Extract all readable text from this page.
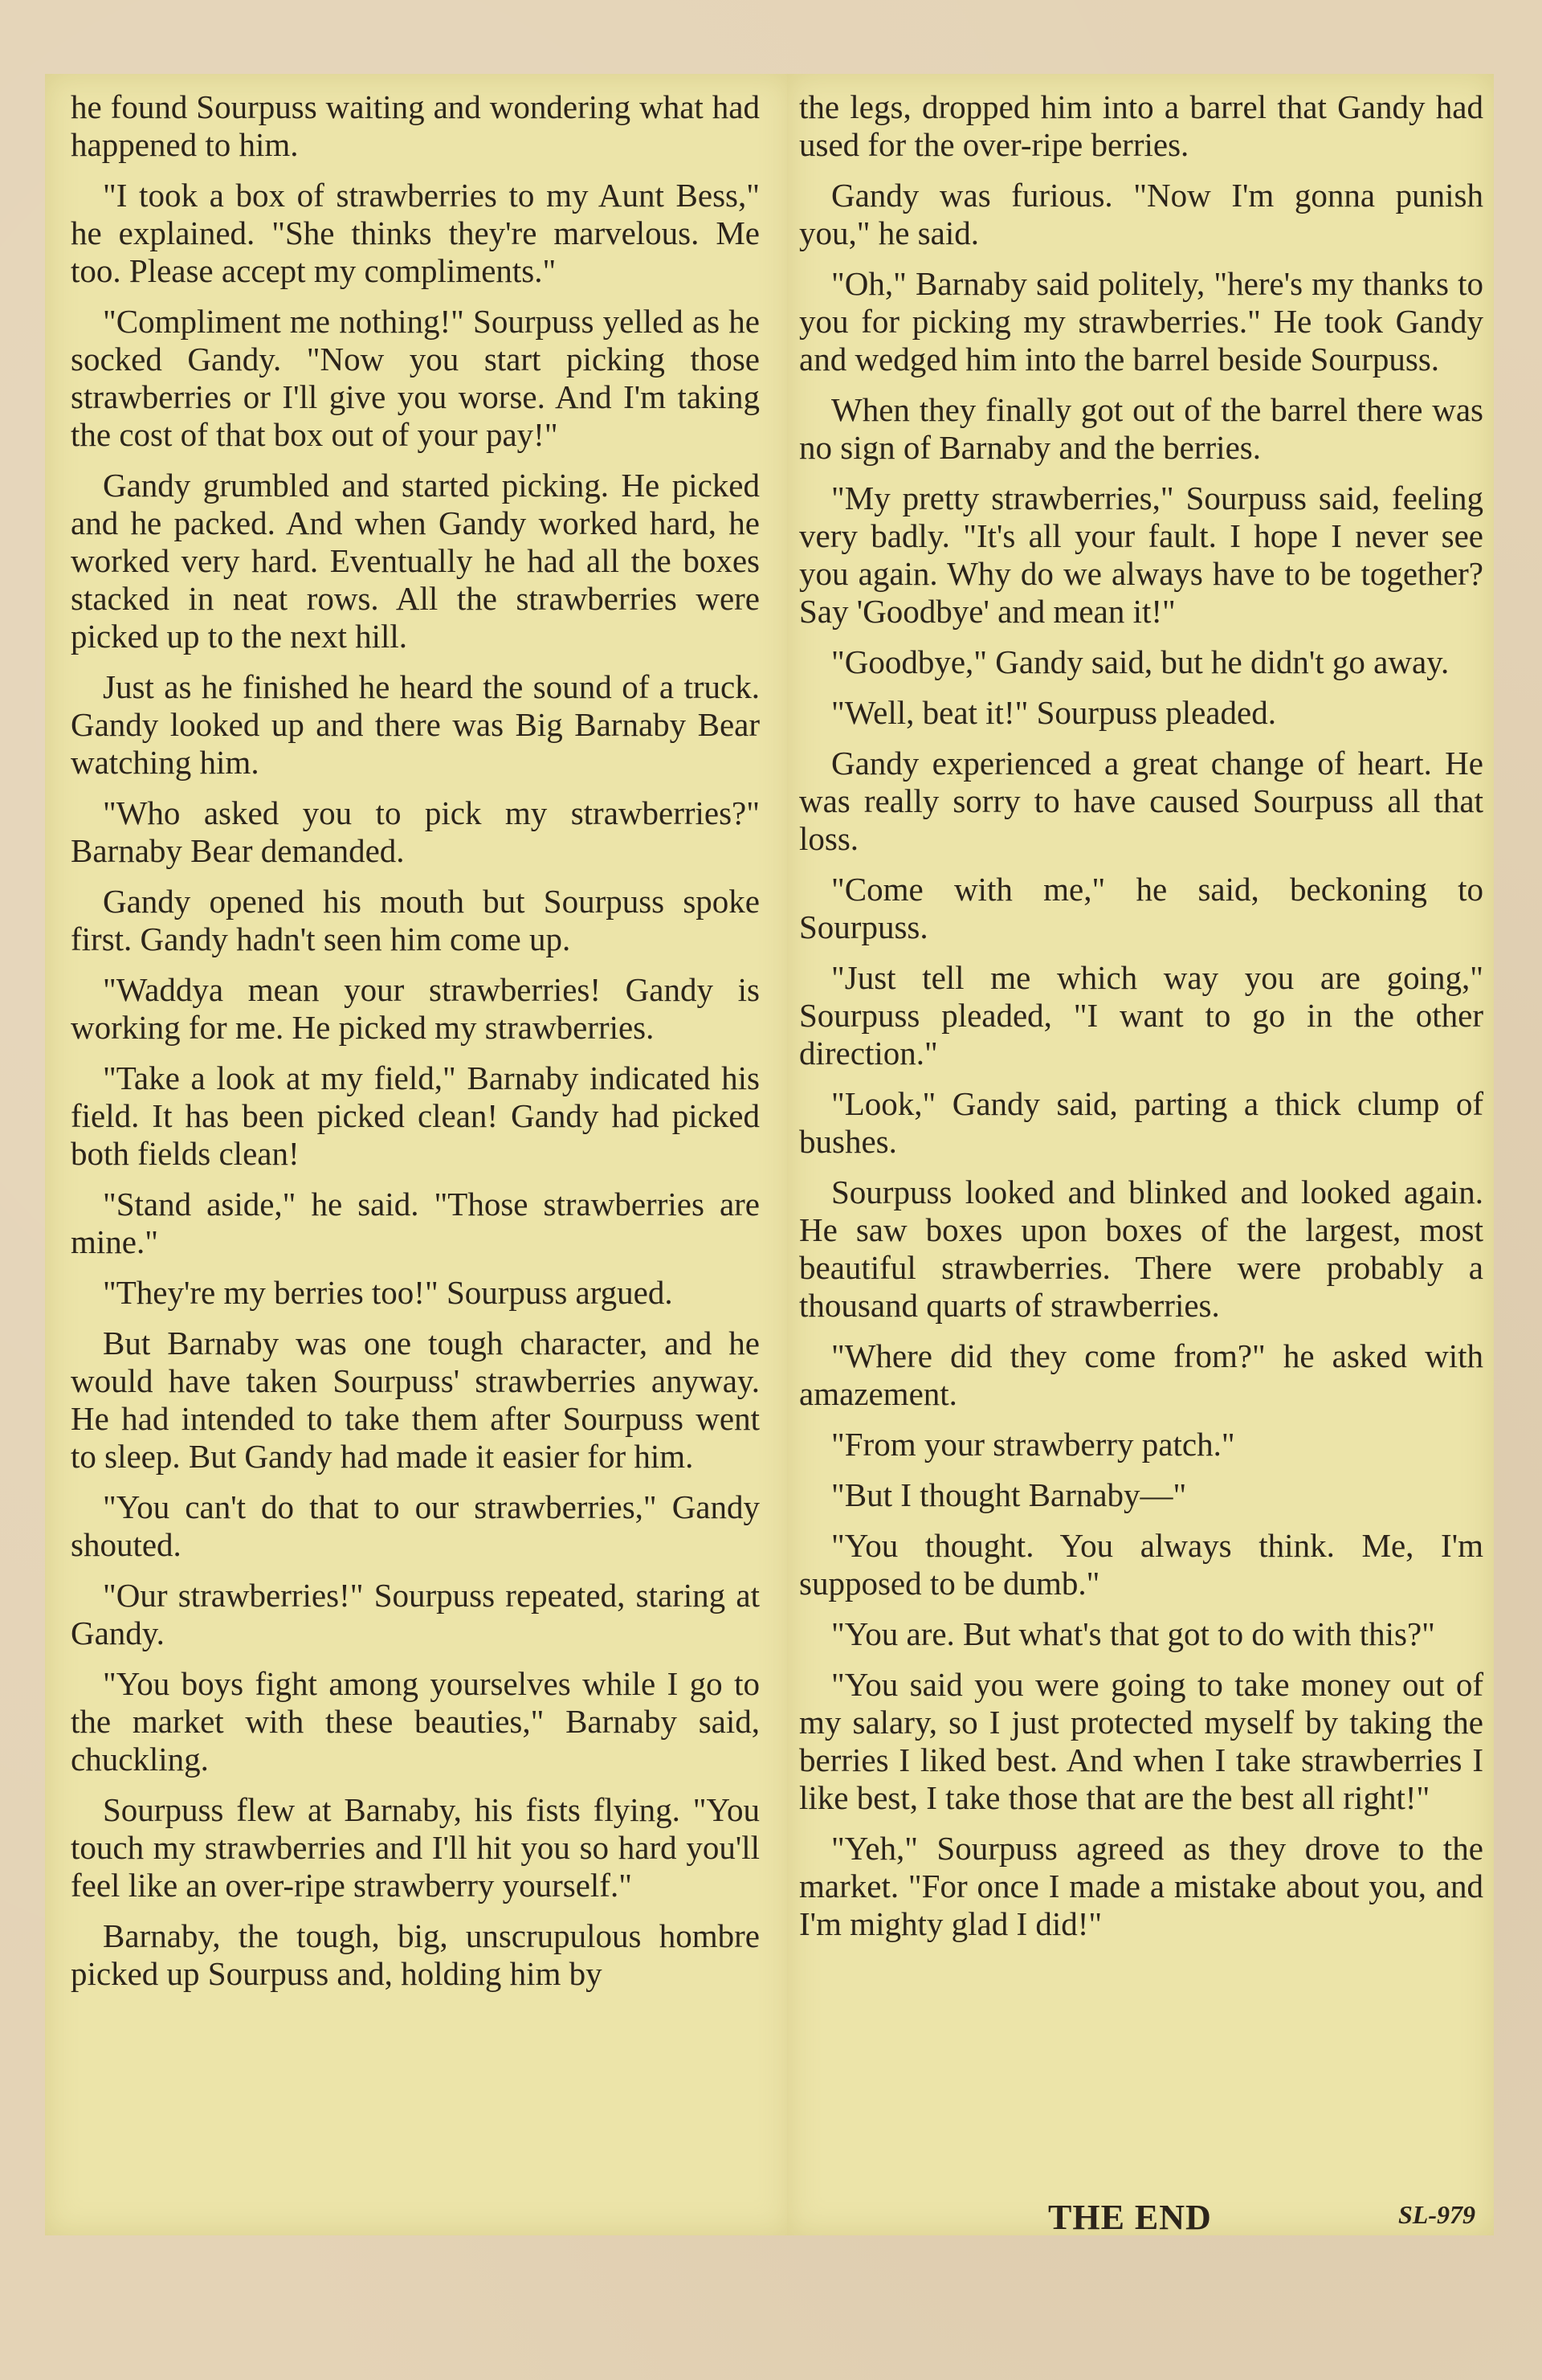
he found Sourpuss waiting and wondering what had happened to him.

"I took a box of strawberries to my Aunt Bess," he explained. "She thinks they're marvelous. Me too. Please accept my compliments."

"Compliment me nothing!" Sourpuss yelled as he socked Gandy. "Now you start picking those strawberries or I'll give you worse. And I'm taking the cost of that box out of your pay!"

Gandy grumbled and started picking. He picked and he packed. And when Gandy worked hard, he worked very hard. Eventually he had all the boxes stacked in neat rows. All the strawberries were picked up to the next hill.

Just as he finished he heard the sound of a truck. Gandy looked up and there was Big Barnaby Bear watching him.

"Who asked you to pick my strawberries?" Barnaby Bear demanded.

Gandy opened his mouth but Sourpuss spoke first. Gandy hadn't seen him come up.

"Waddya mean your strawberries! Gandy is working for me. He picked my strawberries.

"Take a look at my field," Barnaby indicated his field. It has been picked clean! Gandy had picked both fields clean!

"Stand aside," he said. "Those strawberries are mine."

"They're my berries too!" Sourpuss argued.

But Barnaby was one tough character, and he would have taken Sourpuss' strawberries anyway. He had intended to take them after Sourpuss went to sleep. But Gandy had made it easier for him.

"You can't do that to our strawberries," Gandy shouted.

"Our strawberries!" Sourpuss repeated, staring at Gandy.

"You boys fight among yourselves while I go to the market with these beauties," Barnaby said, chuckling.

Sourpuss flew at Barnaby, his fists flying. "You touch my strawberries and I'll hit you so hard you'll feel like an over-ripe strawberry yourself."

Barnaby, the tough, big, unscrupulous hombre picked up Sourpuss and, holding him by

the legs, dropped him into a barrel that Gandy had used for the over-ripe berries.

Gandy was furious. "Now I'm gonna punish you," he said.

"Oh," Barnaby said politely, "here's my thanks to you for picking my strawberries." He took Gandy and wedged him into the barrel beside Sourpuss.

When they finally got out of the barrel there was no sign of Barnaby and the berries.

"My pretty strawberries," Sourpuss said, feeling very badly. "It's all your fault. I hope I never see you again. Why do we always have to be together? Say 'Goodbye' and mean it!"

"Goodbye," Gandy said, but he didn't go away.

"Well, beat it!" Sourpuss pleaded.

Gandy experienced a great change of heart. He was really sorry to have caused Sourpuss all that loss.

"Come with me," he said, beckoning to Sourpuss.

"Just tell me which way you are going," Sourpuss pleaded, "I want to go in the other direction."

"Look," Gandy said, parting a thick clump of bushes.

Sourpuss looked and blinked and looked again. He saw boxes upon boxes of the largest, most beautiful strawberries. There were probably a thousand quarts of strawberries.

"Where did they come from?" he asked with amazement.

"From your strawberry patch."

"But I thought Barnaby—"

"You thought. You always think. Me, I'm supposed to be dumb."

"You are. But what's that got to do with this?"

"You said you were going to take money out of my salary, so I just protected myself by taking the berries I liked best. And when I take strawberries I like best, I take those that are the best all right!"

"Yeh," Sourpuss agreed as they drove to the market. "For once I made a mistake about you, and I'm mighty glad I did!"

THE END	SL-979
